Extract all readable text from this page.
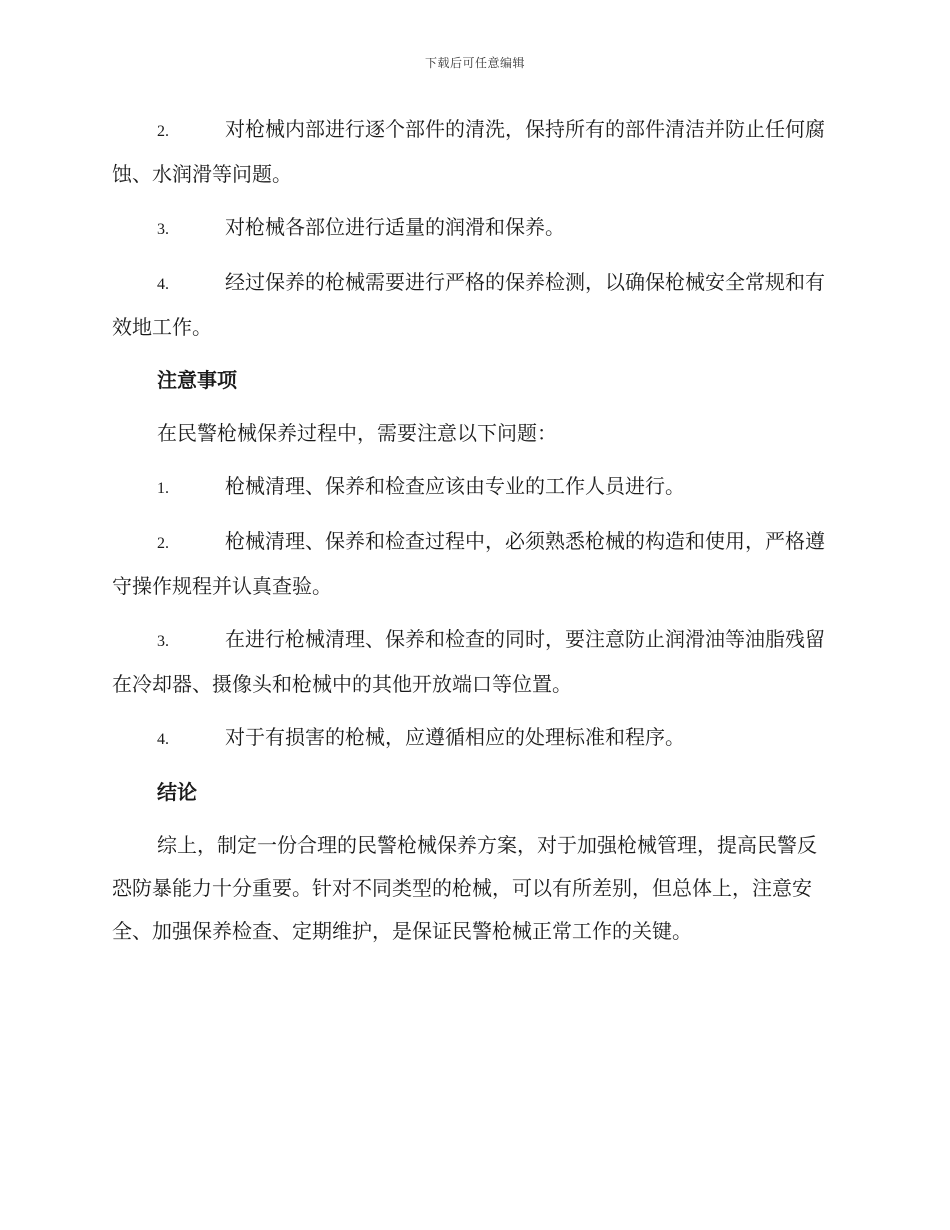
下载后可任意编辑

2.	对枪械内部进行逐个部件的清洗，保持所有的部件清洁并防止任何腐蚀、水润滑等问题。

3.	对枪械各部位进行适量的润滑和保养。

4.	经过保养的枪械需要进行严格的保养检测，以确保枪械安全常规和有效地工作。

注意事项

在民警枪械保养过程中，需要注意以下问题：

1.	枪械清理、保养和检查应该由专业的工作人员进行。

2.	枪械清理、保养和检查过程中，必须熟悉枪械的构造和使用，严格遵守操作规程并认真查验。

3.	在进行枪械清理、保养和检查的同时，要注意防止润滑油等油脂残留在冷却器、摄像头和枪械中的其他开放端口等位置。

4.	对于有损害的枪械，应遵循相应的处理标准和程序。

结论

综上，制定一份合理的民警枪械保养方案，对于加强枪械管理，提高民警反恐防暴能力十分重要。针对不同类型的枪械，可以有所差别，但总体上，注意安全、加强保养检查、定期维护，是保证民警枪械正常工作的关键。
